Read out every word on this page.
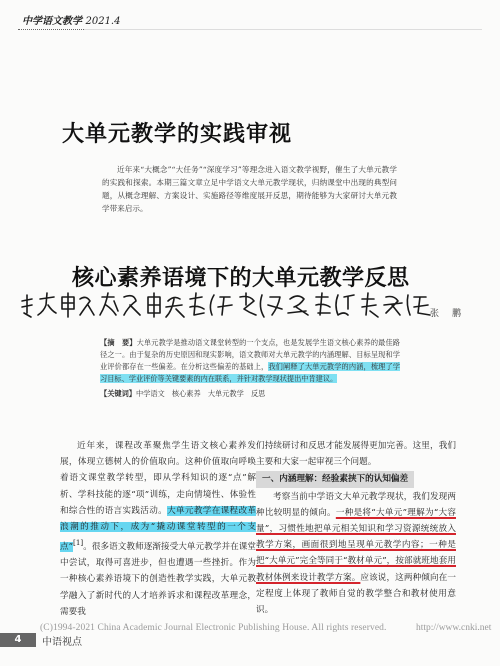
中学语文教学 2021.4
大单元教学的实践审视
近年来“大概念”“大任务”“深度学习”等理念进入语文教学视野，催生了大单元教学的实践和探索。本期三篇文章立足中学语文大单元教学现状，归纳课堂中出现的典型问题，从概念理解、方案设计、实施路径等维度展开反思，期待能够为大家研讨大单元教学带来启示。
核心素养语境下的大单元教学反思
张　鹏
【摘　要】大单元教学是推动语文课堂转型的一个支点，也是发展学生语文核心素养的最佳路径之一。由于复杂的历史原因和现实影响，语文教师对大单元教学的内涵理解、目标呈现和学业评价都存在一些偏差。在分析这些偏差的基础上，我们阐释了大单元教学的内涵，梳理了学习目标、学业评价等关键要素的内在联系，并针对教学现状提出中肯建议。
【关键词】中学语文　核心素养　大单元教学　反思
近年来，课程改革聚焦学生语文核心素养发展，体现立德树人的价值取向。这种价值取向呼唤着语文课堂教学转型，即从学科知识的逐“点”解析、学科技能的逐“项”训练，走向情境性、体验性和综合性的语言实践活动。大单元教学在课程改革浪潮的推动下，成为“撬动课堂转型的一个支点”[1]。很多语文教师逐渐接受大单元教学并在课堂中尝试，取得可喜进步，但也遭遇一些挫折。作为一种核心素养语境下的创造性教学实践，大单元教学融入了新时代的人才培养诉求和课程改革理念，需要我

们持续研讨和反思才能发展得更加完善。这里，我们主要和大家一起审视三个问题。

一、内涵理解：经验素挟下的认知偏差

考察当前中学语文大单元教学现状，我们发现两种比较明显的倾向。一种是将“大单元”理解为“大容量”，习惯性地把单元相关知识和学习资源统统放入教学方案，画面很到地呈现单元教学内容；一种是把“大单元”完全等同于“教材单元”，按部就班地套用教材体例来设计教学方案。应该说，这两种倾向在一定程度上体现了教师自觉的教学整合和教材使用意识。

(C)1994-2021 China Academic Journal Electronic Publishing House. All rights reserved.	http://www.cnki.net
4	中语视点
